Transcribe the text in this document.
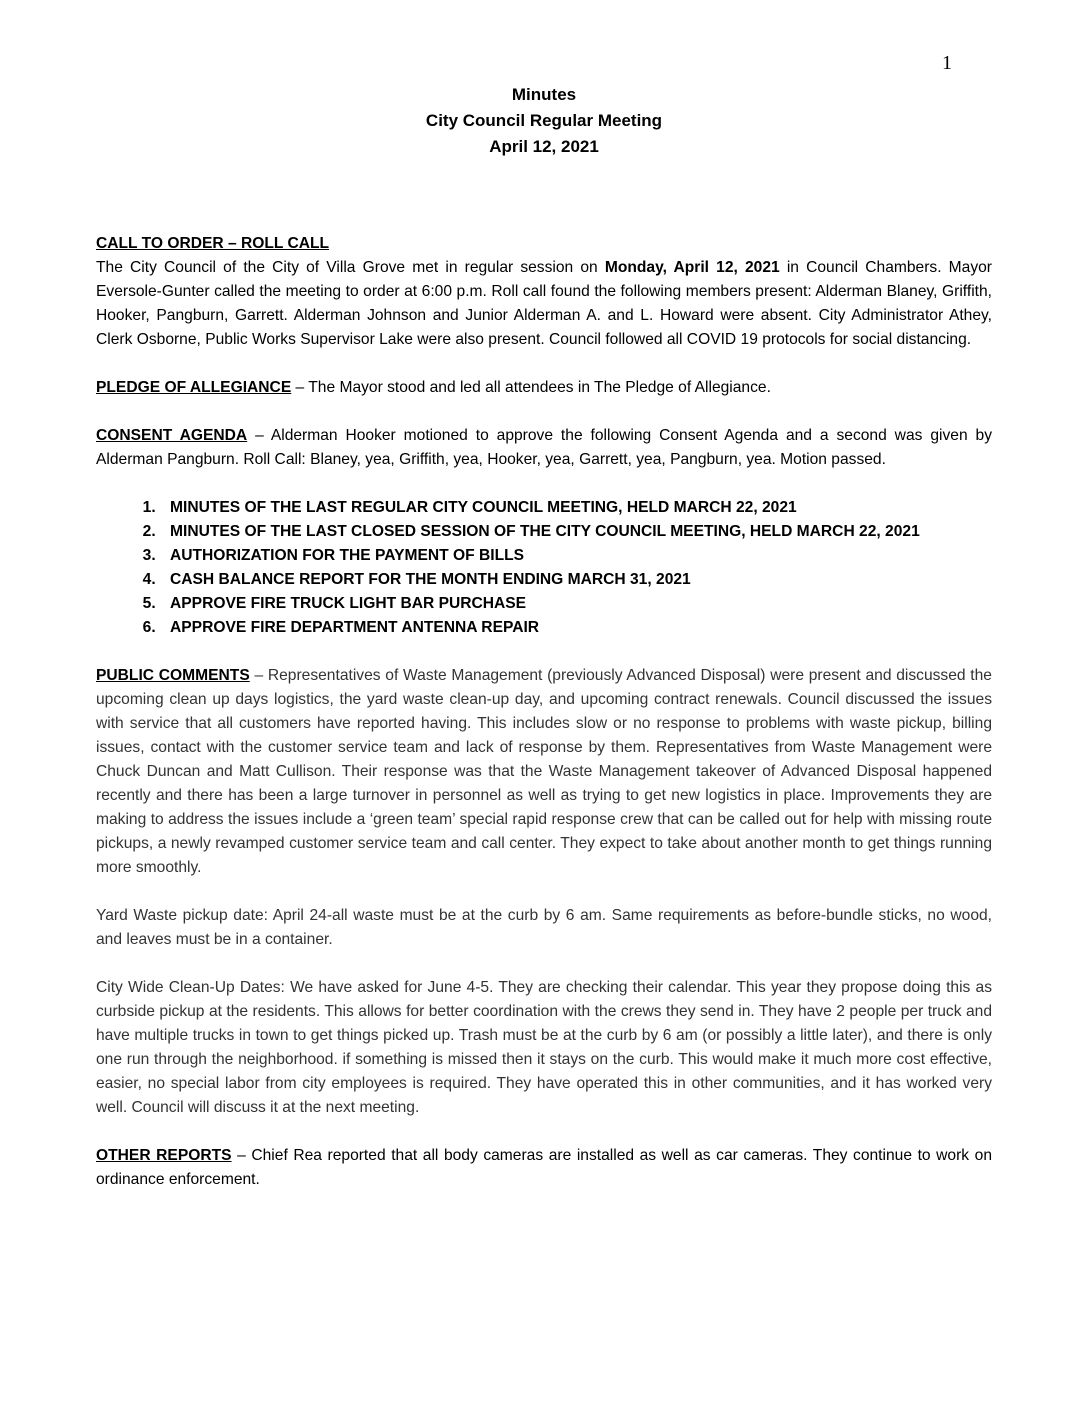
1
Minutes
City Council Regular Meeting
April 12, 2021

CALL TO ORDER – ROLL CALL
The City Council of the City of Villa Grove met in regular session on Monday, April 12, 2021 in Council Chambers. Mayor Eversole-Gunter called the meeting to order at 6:00 p.m. Roll call found the following members present: Alderman Blaney, Griffith, Hooker, Pangburn, Garrett. Alderman Johnson and Junior Alderman A. and L. Howard were absent. City Administrator Athey, Clerk Osborne, Public Works Supervisor Lake were also present. Council followed all COVID 19 protocols for social distancing.

PLEDGE OF ALLEGIANCE – The Mayor stood and led all attendees in The Pledge of Allegiance.

CONSENT AGENDA – Alderman Hooker motioned to approve the following Consent Agenda and a second was given by Alderman Pangburn. Roll Call: Blaney, yea, Griffith, yea, Hooker, yea, Garrett, yea, Pangburn, yea. Motion passed.

1. MINUTES OF THE LAST REGULAR CITY COUNCIL MEETING, HELD MARCH 22, 2021
2. MINUTES OF THE LAST CLOSED SESSION OF THE CITY COUNCIL MEETING, HELD MARCH 22, 2021
3. AUTHORIZATION FOR THE PAYMENT OF BILLS
4. CASH BALANCE REPORT FOR THE MONTH ENDING MARCH 31, 2021
5. APPROVE FIRE TRUCK LIGHT BAR PURCHASE
6. APPROVE FIRE DEPARTMENT ANTENNA REPAIR

PUBLIC COMMENTS – Representatives of Waste Management (previously Advanced Disposal) were present and discussed the upcoming clean up days logistics, the yard waste clean-up day, and upcoming contract renewals. Council discussed the issues with service that all customers have reported having. This includes slow or no response to problems with waste pickup, billing issues, contact with the customer service team and lack of response by them. Representatives from Waste Management were Chuck Duncan and Matt Cullison. Their response was that the Waste Management takeover of Advanced Disposal happened recently and there has been a large turnover in personnel as well as trying to get new logistics in place. Improvements they are making to address the issues include a ‘green team’ special rapid response crew that can be called out for help with missing route pickups, a newly revamped customer service team and call center. They expect to take about another month to get things running more smoothly.

Yard Waste pickup date: April 24-all waste must be at the curb by 6 am. Same requirements as before-bundle sticks, no wood, and leaves must be in a container.

City Wide Clean-Up Dates: We have asked for June 4-5. They are checking their calendar. This year they propose doing this as curbside pickup at the residents. This allows for better coordination with the crews they send in. They have 2 people per truck and have multiple trucks in town to get things picked up. Trash must be at the curb by 6 am (or possibly a little later), and there is only one run through the neighborhood. if something is missed then it stays on the curb. This would make it much more cost effective, easier, no special labor from city employees is required. They have operated this in other communities, and it has worked very well. Council will discuss it at the next meeting.

OTHER REPORTS – Chief Rea reported that all body cameras are installed as well as car cameras. They continue to work on ordinance enforcement.
